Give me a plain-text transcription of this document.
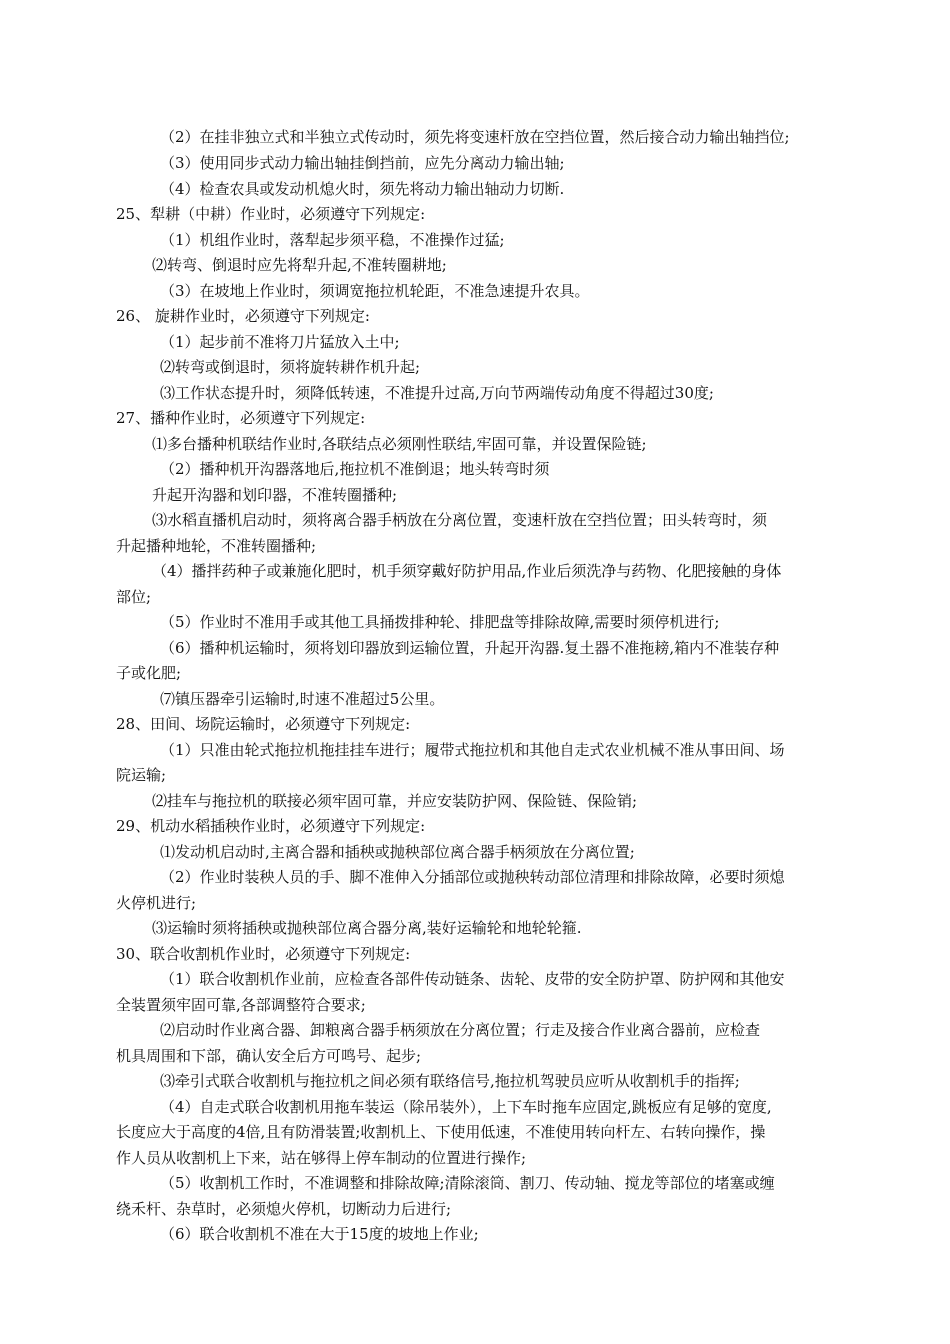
（2）在挂非独立式和半独立式传动时，须先将变速杆放在空挡位置，然后接合动力输出轴挡位;
（3）使用同步式动力输出轴挂倒挡前，应先分离动力输出轴;
（4）检查农具或发动机熄火时，须先将动力输出轴动力切断.
25、犁耕（中耕）作业时，必须遵守下列规定:
（1）机组作业时，落犁起步须平稳，不准操作过猛;
⑵转弯、倒退时应先将犁升起,不准转圈耕地;
（3）在坡地上作业时，须调宽拖拉机轮距，不准急速提升农具。
26、 旋耕作业时，必须遵守下列规定:
（1）起步前不准将刀片猛放入土中;
⑵转弯或倒退时，须将旋转耕作机升起;
⑶工作状态提升时，须降低转速，不准提升过高,万向节两端传动角度不得超过30度;
27、播种作业时，必须遵守下列规定:
⑴多台播种机联结作业时,各联结点必须刚性联结,牢固可靠，并设置保险链;
（2）播种机开沟器落地后,拖拉机不准倒退；地头转弯时须
升起开沟器和划印器，不准转圈播种;
⑶水稻直播机启动时，须将离合器手柄放在分离位置，变速杆放在空挡位置；田头转弯时，须
升起播种地轮，不准转圈播种;
（4）播拌药种子或兼施化肥时，机手须穿戴好防护用品,作业后须洗净与药物、化肥接触的身体
部位;
（5）作业时不准用手或其他工具捅拨排种轮、排肥盘等排除故障,需要时须停机进行;
（6）播种机运输时，须将划印器放到运输位置，升起开沟器.复土器不准拖耪,箱内不准装存种
子或化肥;
⑺镇压器牵引运输时,时速不准超过5公里。
28、田间、场院运输时，必须遵守下列规定:
（1）只准由轮式拖拉机拖挂挂车进行；履带式拖拉机和其他自走式农业机械不准从事田间、场
院运输;
⑵挂车与拖拉机的联接必须牢固可靠，并应安装防护网、保险链、保险销;
29、机动水稻插秧作业时，必须遵守下列规定:
⑴发动机启动时,主离合器和插秧或抛秧部位离合器手柄须放在分离位置;
（2）作业时装秧人员的手、脚不准伸入分插部位或抛秧转动部位清理和排除故障，必要时须熄
火停机进行;
⑶运输时须将插秧或抛秧部位离合器分离,装好运输轮和地轮轮箍.
30、联合收割机作业时，必须遵守下列规定:
（1）联合收割机作业前，应检查各部件传动链条、齿轮、皮带的安全防护罩、防护网和其他安
全装置须牢固可靠,各部调整符合要求;
⑵启动时作业离合器、卸粮离合器手柄须放在分离位置；行走及接合作业离合器前，应检查
机具周围和下部，确认安全后方可鸣号、起步;
⑶牵引式联合收割机与拖拉机之间必须有联络信号,拖拉机驾驶员应听从收割机手的指挥;
（4）自走式联合收割机用拖车装运（除吊装外），上下车时拖车应固定,跳板应有足够的宽度,
长度应大于高度的4倍,且有防滑装置;收割机上、下使用低速，不准使用转向杆左、右转向操作，操
作人员从收割机上下来，站在够得上停车制动的位置进行操作;
（5）收割机工作时，不准调整和排除故障;清除滚筒、割刀、传动轴、搅龙等部位的堵塞或缠
绕禾杆、杂草时，必须熄火停机，切断动力后进行;
（6）联合收割机不准在大于15度的坡地上作业;
